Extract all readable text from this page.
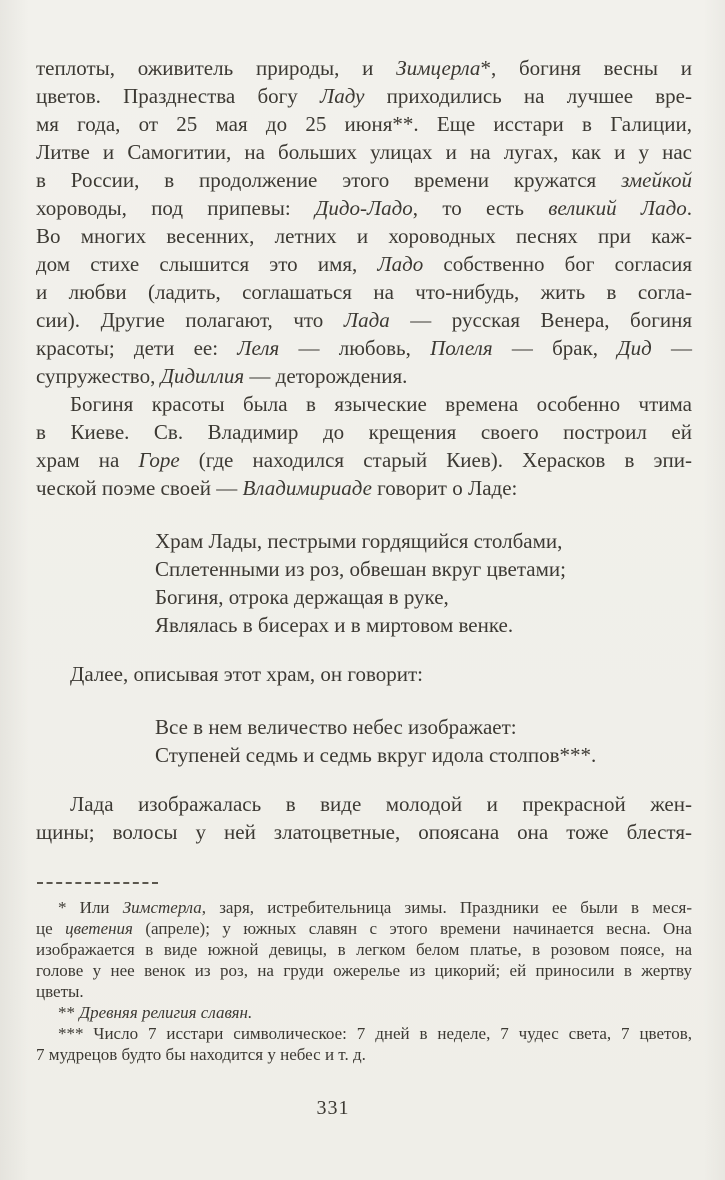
теплоты, оживитель природы, и Зимцерла*, богиня весны и
цветов. Празднества богу Ладу приходились на лучшее вре-
мя года, от 25 мая до 25 июня**. Еще исстари в Галиции,
Литве и Самогитии, на больших улицах и на лугах, как и у нас
в России, в продолжение этого времени кружатся змейкой
хороводы, под припевы: Дидо-Ладо, то есть великий Ладо.
Во многих весенних, летних и хороводных песнях при каж-
дом стихе слышится это имя, Ладо собственно бог согласия
и любви (ладить, соглашаться на что-нибудь, жить в согла-
сии). Другие полагают, что Лада — русская Венера, богиня
красоты; дети ее: Леля — любовь, Полеля — брак, Дид —
супружество, Дидиллия — деторождения.
Богиня красоты была в языческие времена особенно чтима
в Киеве. Св. Владимир до крещения своего построил ей
храм на Горе (где находился старый Киев). Херасков в эпи-
ческой поэме своей — Владимириаде говорит о Ладе:
Храм Лады, пестрыми гордящийся столбами,
Сплетенными из роз, обвешан вкруг цветами;
Богиня, отрока держащая в руке,
Являлась в бисерах и в миртовом венке.
Далее, описывая этот храм, он говорит:
Все в нем величество небес изображает:
Ступеней седмь и седмь вкруг идола столпов***.
Лада изображалась в виде молодой и прекрасной жен-
щины; волосы у ней златоцветные, опоясана она тоже блестя-
* Или Зимстерла, заря, истребительница зимы. Праздники ее были в меся-
це цветения (апреле); у южных славян с этого времени начинается весна. Она
изображается в виде южной девицы, в легком белом платье, в розовом поясе, на
голове у нее венок из роз, на груди ожерелье из цикорий; ей приносили в жертву
цветы.
** Древняя религия славян.
*** Число 7 исстари символическое: 7 дней в неделе, 7 чудес света, 7 цветов,
7 мудрецов будто бы находится у небес и т. д.
331
